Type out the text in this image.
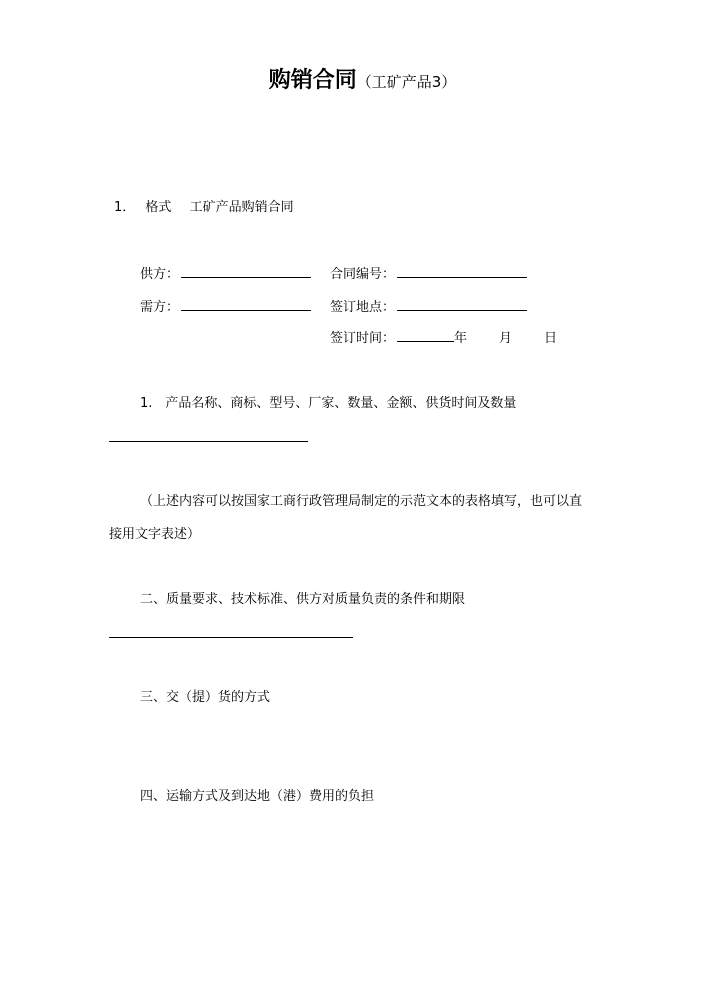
购销合同（工矿产品3）
1． 格式 工矿产品购销合同
供方：	合同编号：
需方：	签订地点：
签订时间：	年 月 日
1.　产品名称、商标、型号、厂家、数量、金额、供货时间及数量
（上述内容可以按国家工商行政管理局制定的示范文本的表格填写，也可以直
接用文字表述）
二、质量要求、技术标准、供方对质量负责的条件和期限
三、交（提）货的方式
四、运输方式及到达地（港）费用的负担
